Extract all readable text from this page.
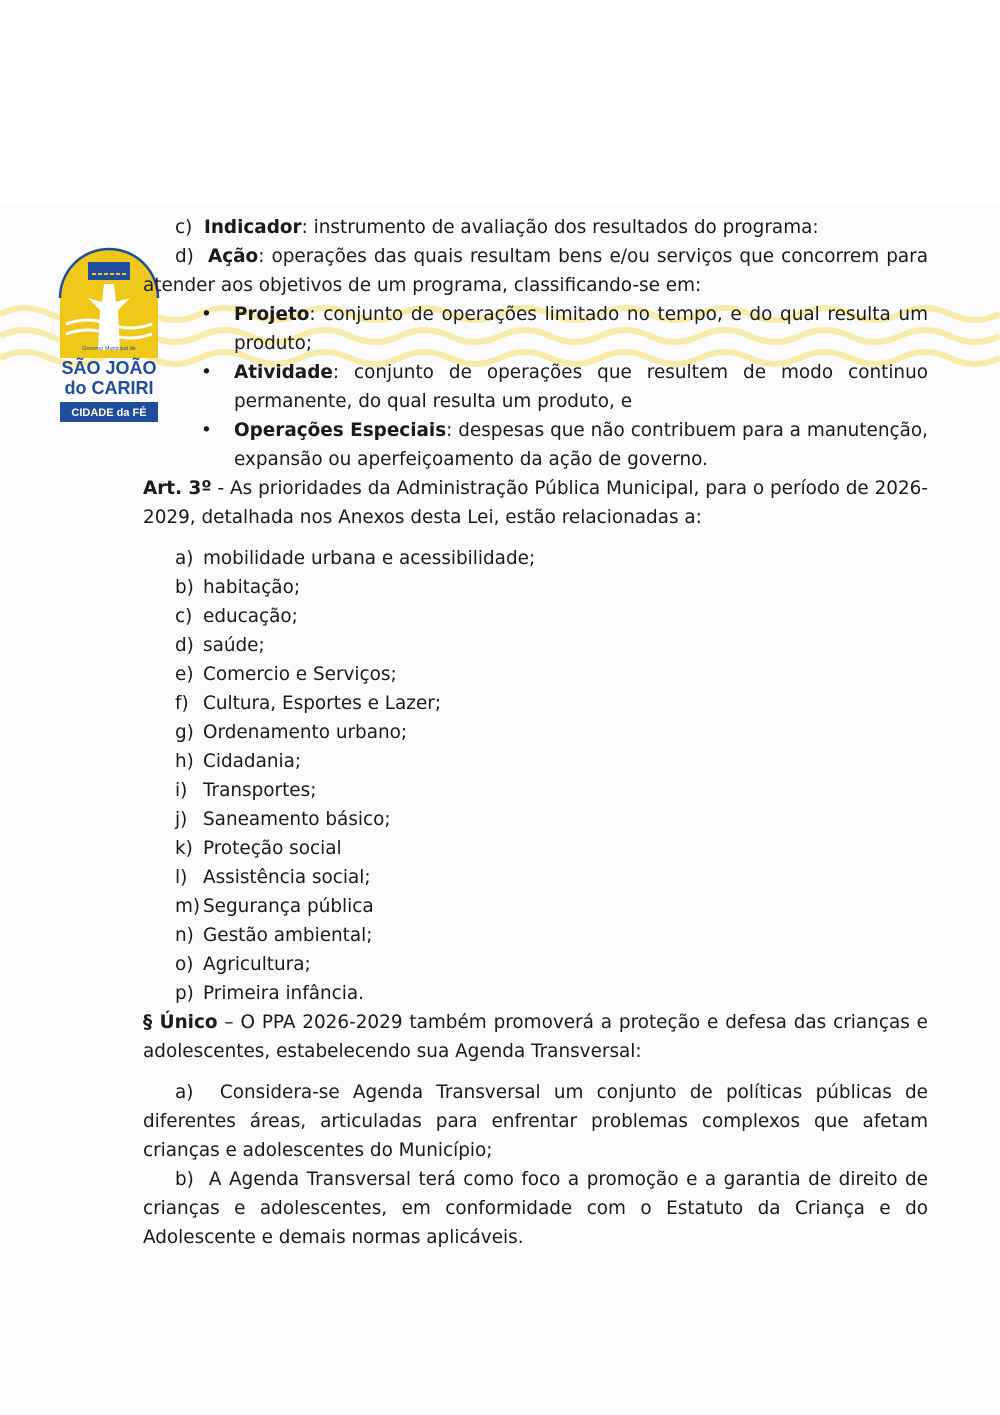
Governo Municipal de
SÃO JOÃO
do CARIRI
CIDADE da FÉ

c) Indicador: instrumento de avaliação dos resultados do programa:

d) Ação: operações das quais resultam bens e/ou serviços que concorrem para atender aos objetivos de um programa, classificando-se em:

•	Projeto: conjunto de operações limitado no tempo, e do qual resulta um produto;
•	Atividade: conjunto de operações que resultem de modo continuo permanente, do qual resulta um produto, e
•	Operações Especiais: despesas que não contribuem para a manutenção, expansão ou aperfeiçoamento da ação de governo.

Art. 3º - As prioridades da Administração Pública Municipal, para o período de 2026-2029, detalhada nos Anexos desta Lei, estão relacionadas a:

a) mobilidade urbana e acessibilidade;
b) habitação;
c) educação;
d) saúde;
e) Comercio e Serviços;
f) Cultura, Esportes e Lazer;
g) Ordenamento urbano;
h) Cidadania;
i) Transportes;
j) Saneamento básico;
k) Proteção social
l) Assistência social;
m) Segurança pública
n) Gestão ambiental;
o) Agricultura;
p) Primeira infância.

§ Único – O PPA 2026-2029 também promoverá a proteção e defesa das crianças e adolescentes, estabelecendo sua Agenda Transversal:

a) Considera-se Agenda Transversal um conjunto de políticas públicas de diferentes áreas, articuladas para enfrentar problemas complexos que afetam crianças e adolescentes do Município;

b) A Agenda Transversal terá como foco a promoção e a garantia de direito de crianças e adolescentes, em conformidade com o Estatuto da Criança e do Adolescente e demais normas aplicáveis.
